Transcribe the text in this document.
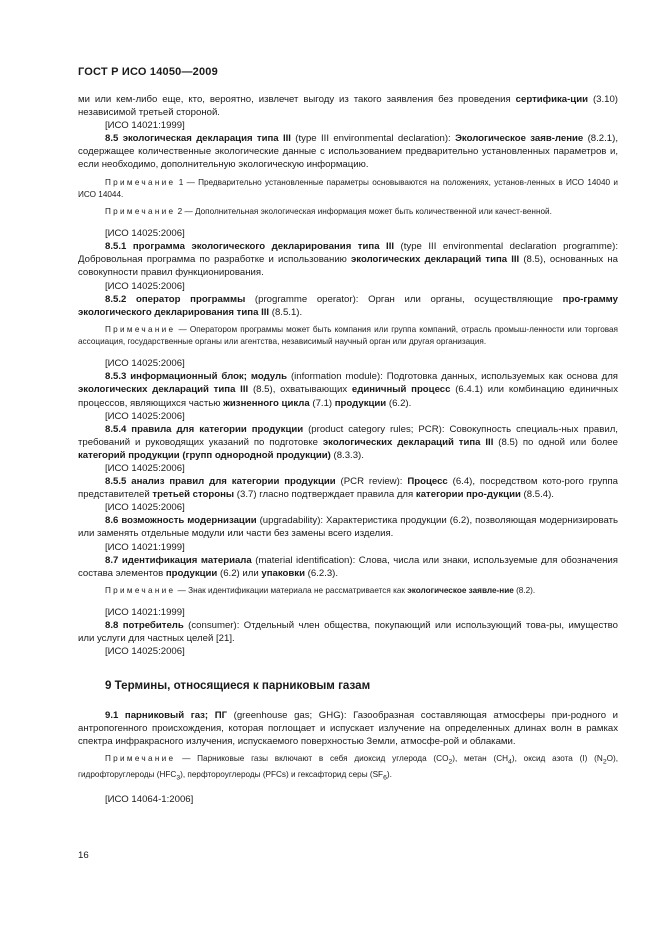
ГОСТ Р ИСО 14050—2009

ми или кем-либо еще, кто, вероятно, извлечет выгоду из такого заявления без проведения сертифика-ции (3.10) независимой третьей стороной.

[ИСО 14021:1999]

8.5 экологическая декларация типа III (type III environmental declaration): Экологическое заяв-ление (8.2.1), содержащее количественные экологические данные с использованием предварительно установленных параметров и, если необходимо, дополнительную экологическую информацию.

Примечание 1 — Предварительно установленные параметры основываются на положениях, установ-ленных в ИСО 14040 и ИСО 14044.

Примечание 2 — Дополнительная экологическая информация может быть количественной или качест-венной.

[ИСО 14025:2006]

8.5.1 программа экологического декларирования типа III (type III environmental declaration programme): Добровольная программа по разработке и использованию экологических деклараций типа III (8.5), основанных на совокупности правил функционирования.

[ИСО 14025:2006]

8.5.2 оператор программы (programme operator): Орган или органы, осуществляющие про-грамму экологического декларирования типа III (8.5.1).

Примечание — Оператором программы может быть компания или группа компаний, отрасль промыш-ленности или торговая ассоциация, государственные органы или агентства, независимый научный орган или другая организация.

[ИСО 14025:2006]

8.5.3 информационный блок; модуль (information module): Подготовка данных, используемых как основа для экологических деклараций типа III (8.5), охватывающих единичный процесс (6.4.1) или комбинацию единичных процессов, являющихся частью жизненного цикла (7.1) продукции (6.2).

[ИСО 14025:2006]

8.5.4 правила для категории продукции (product category rules; PCR): Совокупность специаль-ных правил, требований и руководящих указаний по подготовке экологических деклараций типа III (8.5) по одной или более категорий продукции (групп однородной продукции) (8.3.3).

[ИСО 14025:2006]

8.5.5 анализ правил для категории продукции (PCR review): Процесс (6.4), посредством кото-рого группа представителей третьей стороны (3.7) гласно подтверждает правила для категории про-дукции (8.5.4).

[ИСО 14025:2006]

8.6 возможность модернизации (upgradability): Характеристика продукции (6.2), позволяющая модернизировать или заменять отдельные модули или части без замены всего изделия.

[ИСО 14021:1999]

8.7 идентификация материала (material identification): Слова, числа или знаки, используемые для обозначения состава элементов продукции (6.2) или упаковки (6.2.3).

Примечание — Знак идентификации материала не рассматривается как экологическое заявле-ние (8.2).

[ИСО 14021:1999]

8.8 потребитель (consumer): Отдельный член общества, покупающий или использующий това-ры, имущество или услуги для частных целей [21].

[ИСО 14025:2006]

9 Термины, относящиеся к парниковым газам

9.1 парниковый газ; ПГ (greenhouse gas; GHG): Газообразная составляющая атмосферы при-родного и антропогенного происхождения, которая поглощает и испускает излучение на определенных длинах волн в рамках спектра инфракрасного излучения, испускаемого поверхностью Земли, атмосфе-рой и облаками.

Примечание — Парниковые газы включают в себя диоксид углерода $(CO_2)$, метан $(CH_4)$, оксид азота (I) $(N_2O)$, гидрофторуглероды $(HFC_3)$, перфтороуглероды (PFCs) и гексафторид серы $(SF_6)$.

[ИСО 14064-1:2006]

16
